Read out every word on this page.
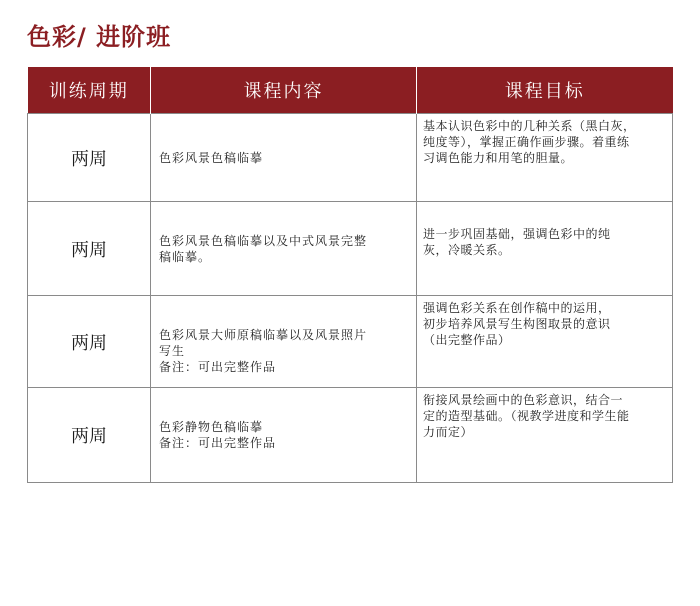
色彩/ 进阶班
训练周期	课程内容	课程目标
两周	色彩风景色稿临摹	基本认识色彩中的几种关系（黑白灰，
纯度等），掌握正确作画步骤。着重练
习调色能力和用笔的胆量。

两周	色彩风景色稿临摹以及中式风景完整
稿临摹。	进一步巩固基础，强调色彩中的纯
灰，冷暖关系。

两周	色彩风景大师原稿临摹以及风景照片
写生
备注：可出完整作品	强调色彩关系在创作稿中的运用，
初步培养风景写生构图取景的意识
（出完整作品）

两周	色彩静物色稿临摹
备注：可出完整作品	衔接风景绘画中的色彩意识，结合一
定的造型基础。（视教学进度和学生能
力而定）
